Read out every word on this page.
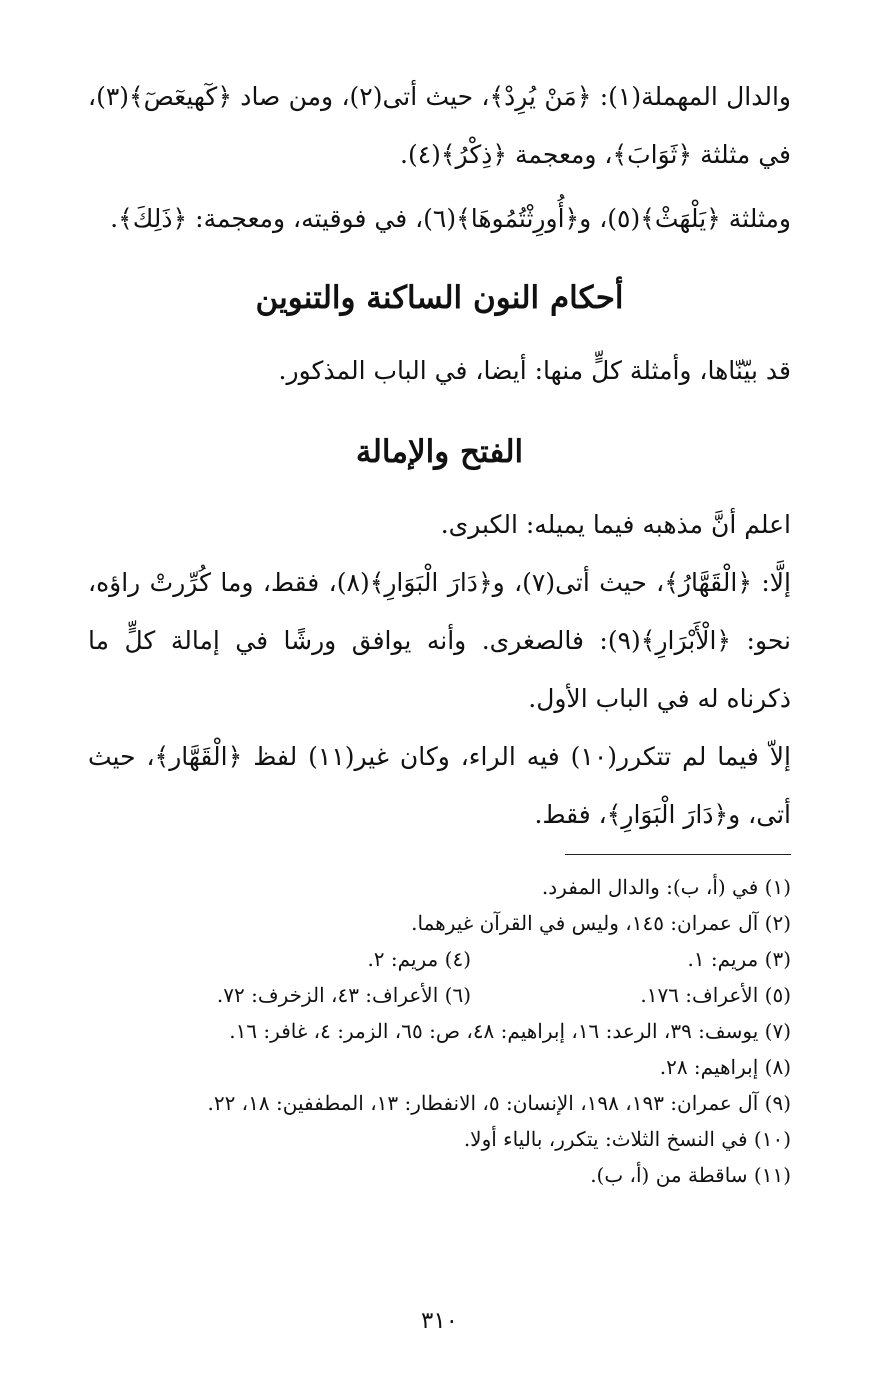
والدال المهملة(١): ﴿مَنْ يُرِدْ﴾، حيث أتى(٢)، ومن صاد ﴿كٓهيعٓصٓ﴾(٣)، في مثلثة ﴿ثَوَابَ﴾، ومعجمة ﴿ذِكْرُ﴾(٤).

ومثلثة ﴿يَلْهَثْ﴾(٥)، و﴿أُورِثْتُمُوهَا﴾(٦)، في فوقيته، ومعجمة: ﴿ذَلِكَ﴾.

أحكام النون الساكنة والتنوين

قد بيّنّاها، وأمثلة كلٍّ منها: أيضا، في الباب المذكور.

الفتح والإمالة

اعلم أنَّ مذهبه فيما يميله: الكبرى.

إلَّا: ﴿الْقَهَّارُ﴾، حيث أتى(٧)، و﴿دَارَ الْبَوَارِ﴾(٨)، فقط، وما كُرِّرتْ راؤه، نحو: ﴿الْأَبْرَارِ﴾(٩): فالصغرى. وأنه يوافق ورشًا في إمالة كلٍّ ما ذكرناه له في الباب الأول.

إلاّ فيما لم تتكرر(١٠) فيه الراء، وكان غير(١١) لفظ ﴿الْقَهَّار﴾، حيث أتى، و﴿دَارَ الْبَوَارِ﴾، فقط.

(١) في (أ، ب): والدال المفرد.

(٢) آل عمران: ١٤٥، وليس في القرآن غيرهما.

(٣) مريم: ١.
(٤) مريم: ٢.
(٥) الأعراف: ١٧٦.
(٦) الأعراف: ٤٣، الزخرف: ٧٢.

(٧) يوسف: ٣٩، الرعد: ١٦، إبراهيم: ٤٨، ص: ٦٥، الزمر: ٤، غافر: ١٦.

(٨) إبراهيم: ٢٨.

(٩) آل عمران: ١٩٣، ١٩٨، الإنسان: ٥، الانفطار: ١٣، المطففين: ١٨، ٢٢.

(١٠) في النسخ الثلاث: يتكرر، بالياء أولا.

(١١) ساقطة من (أ، ب).

٣١٠
